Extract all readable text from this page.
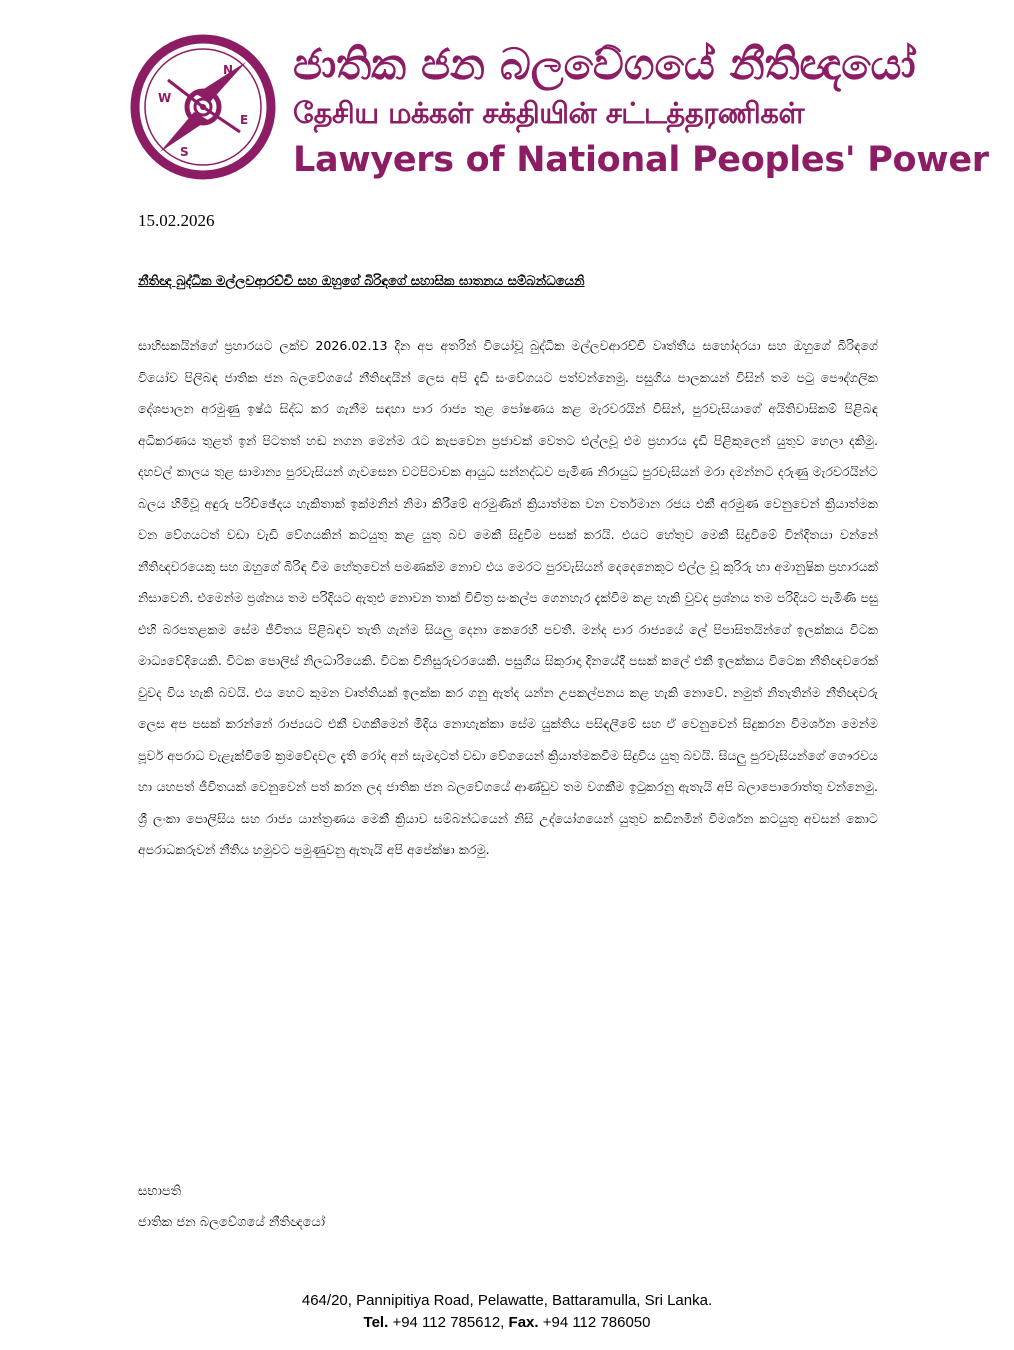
N
E
S
W
ජාතික ජන බලවේගයේ නීතිඥයෝ
தேசிய மக்கள் சக்தியின் சட்டத்தரணிகள்
Lawyers of National Peoples' Power
15.02.2026
නීතිඥ බුද්ධික මල්ලවආරච්චි සහ ඔහුගේ බිරිඳගේ සහාසික ඝාතනය සම්බන්ධයෙනි
සාහිසකයින්ගේ ප්‍රහාරයට ලක්ව 2026.02.13 දින අප අතරින් වියෝවූ බුද්ධික මල්ලවආරච්චි වෘත්තීය සහෝදරයා සහ ඔහුගේ බිරිඳගේ වියෝව පිලිබඳ ජාතික ජන බලවේගයේ නීතිඥයින් ලෙස අපි දැඩි සංවේගයට පත්වන්නෙමු. පසුගිය පාලකයන් විසින් තම පටු පෞද්ගලික දේශපාලන අරමුණු ඉෂ්ඨ සිද්ධ කර ගැනීම සඳහා පාර රාජ්‍ය තුළ පෝෂණය කළ මැරවරයින් විසින්, පුරවැසියාගේ අයිතිවාසිකම් පිළිබඳ අධිකරණය තුළත් ඉන් පිටතත් හඬ නගන මෙන්ම රැට කැපවෙන ප්‍රජාවක් වෙතට එල්ලවූ එම ප්‍රහාරය දැඩි පිළිකුලෙන් යුතුව හෙලා දකිමු. දහවල් කාලය තුළ සාමාන්‍ය පුරවැසියන් ගැවසෙන වටපිටාවක ආයුධ සන්නද්ධව පැමිණ නිරායුධ පුරවැසියන් මරා දමන්නට දරුණු මැරවරයින්ට බලය හිමිවූ අඳුරු පරිච්ඡේදය හැකිතාක් ඉක්මනින් නිමා කිරීමේ අරමුණින් ක්‍රියාත්මක වන වර්තමාන රජය එකී අරමුණ වෙනුවෙන් ක්‍රියාත්මක වන වේගයටත් වඩා වැඩි වේගයකින් කටයුතු කළ යුතු බව මෙකී සිදුවීම පසක් කරයි. එයට හේතුව මෙකී සිදුවීමේ වින්දිතයා වන්නේ නීතිඥවරයෙකු සහ ඔහුගේ බිරිඳ වීම හේතුවෙන් පමණක්ම නොව එය මෙරට පුරවැසියන් දෙදෙනෙකුට එල්ල වූ කුරිරු හා අමානුෂික ප්‍රහාරයක් නිසාවෙනි. එමෙන්ම ප්‍රශ්නය තම පරිදියට ඇතුළු නොවන තාක් විචිත්‍ර සංකල්ප ගෙනහැර දැක්වීම කළ හැකි වුවද ප්‍රශ්නය තම පරිදියට පැමිණි පසු එහි බරපතළකම සේම ජීවිතය පිළිබඳව තැති ගැන්ම සියලු දෙනා කෙරෙහි පවතී. මන්ද පාර රාජ්‍යයේ ලේ පිපාසිතයින්ගේ ඉලක්කය විටක මාධ්‍යවේදියෙකි. විටක පොලිස් නිලධාරියෙකි. විටක විනිසුරුවරයෙකි. පසුගිය සිකුරාදා දිනයේදී පසක් කලේ එකී ඉලක්කය විටෙක නීතිඥවරෙක් වුවද විය හැකි බවයි. එය හෙට කුමන වෘත්තියක් ඉලක්ක කර ගනු ඇත්ද යන්න උපකල්පනය කළ හැකි නොවේ. නමුත් නිතැතින්ම නීතිඥවරු ලෙස අප පසක් කරන්නේ රාජ්‍යයට එකී වගකීමෙන් මිදිය නොහැක්කා සේම යුක්තිය පසිඳලීමේ සහ ඒ වෙනුවෙන් සිදුකරන විමර්ශන මෙන්ම පූර්ව අපරාධ වැළැක්වීමේ ක්‍රමවේදවල දැති රෝද අන් සැමදාටත් වඩා වේගයෙන් ක්‍රියාත්මකවීම සිදුවිය යුතු බවයි. සියලු පුරවැසියන්ගේ ගෞරවය හා යහපත් ජීවිතයක් වෙනුවෙන් පත් කරන ලද ජාතික ජන බලවේගයේ ආණ්ඩුව තම වගකීම ඉටුකරනු ඇතැයි අපි බලාපොරොත්තු වන්නෙමු. ශ්‍රී ලංකා පොලිසිය සහ රාජ්‍ය යාන්ත්‍රණය මෙකී ක්‍රියාව සම්බන්ධයෙන් නිසි උද්යෝගයෙන් යුතුව කඩිනමින් විමර්ශන කටයුතු අවසන් කොට අපරාධකරුවන් නීතිය හමුවට පමුණුවනු ඇතැයි අපි අපේක්ෂා කරමු.
සභාපති
ජාතික ජන බලවේගයේ නීතිඥයෝ
464/20, Pannipitiya Road, Pelawatte, Battaramulla, Sri Lanka.
Tel. +94 112 785612, Fax. +94 112 786050
